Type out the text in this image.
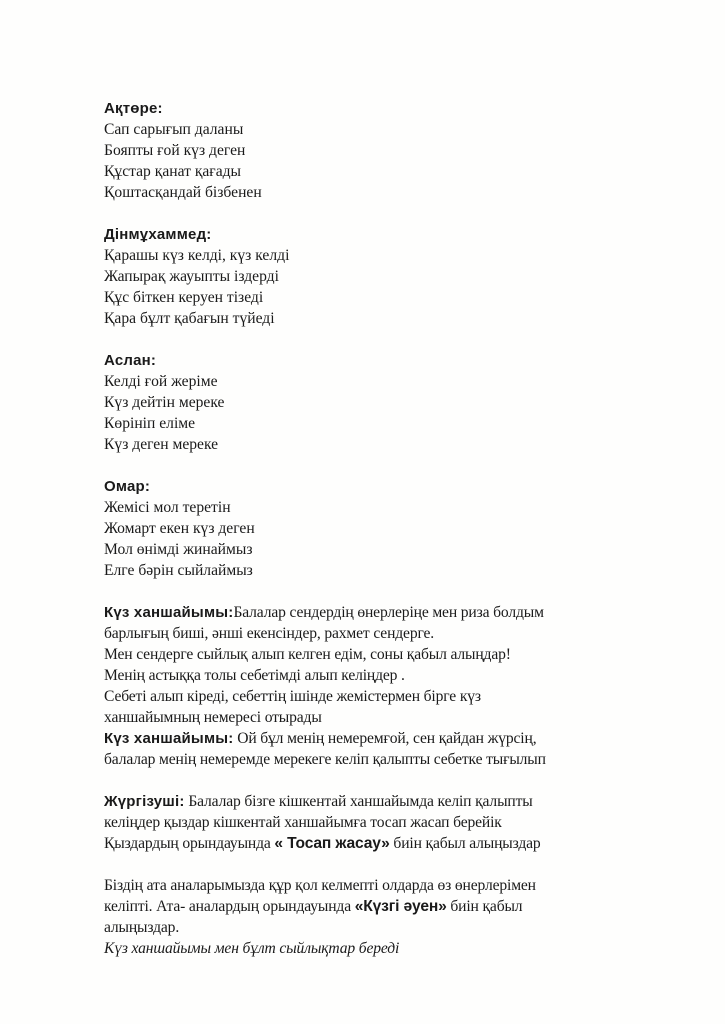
Ақтөре:
Сап сарығып даланы
Бояпты ғой күз деген
Құстар қанат қағады
Қоштасқандай бізбенен
Дінмұхаммед:
Қарашы күз келді, күз келді
Жапырақ жауыпты іздерді
Құс біткен керуен тізеді
Қара бұлт қабағын түйеді
Аслан:
Келді ғой жеріме
Күз дейтін мереке
Көрініп еліме
Күз деген мереке
Омар:
Жемісі мол теретін
Жомарт екен күз деген
Мол өнімді жинаймыз
Елге бәрін сыйлаймыз
Күз ханшайымы:Балалар сендердің өнерлеріңе мен риза болдым
барлығың биші, әнші екенсіндер, рахмет сендерге.
Мен сендерге сыйлық алып келген едім, соны қабыл алыңдар!
Менің астыққа толы себетімді алып келіңдер .
Себеті алып кіреді, себеттің ішінде жемістермен бірге күз
ханшайымның немересі отырады
Күз ханшайымы: Ой бұл менің немеремғой, сен қайдан жүрсің,
балалар менің немеремде мерекеге келіп қалыпты себетке тығылып
Жүргізуші: Балалар бізге кішкентай ханшайымда келіп қалыпты
келіңдер қыздар кішкентай ханшайымға тосап жасап берейік
Қыздардың орындауында « Тосап жасау» биін қабыл алыңыздар
Біздің ата аналарымызда құр қол келмепті олдарда өз өнерлерімен
келіпті. Ата- аналардың орындауында «Күзгі әуен» биін қабыл
алыңыздар.
Күз ханшайымы мен бұлт сыйлықтар береді
